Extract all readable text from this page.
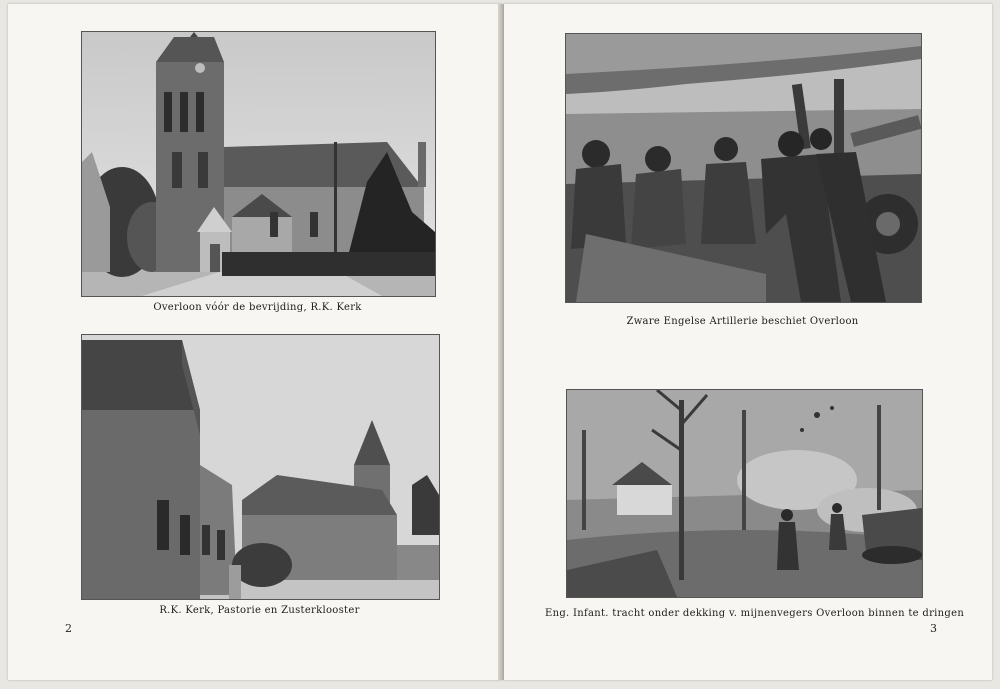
Overloon vóór de bevrijding, R.K. Kerk
R.K. Kerk, Pastorie en Zusterklooster
2
Zware Engelse Artillerie beschiet Overloon
Eng. Infant. tracht onder dekking v. mijnenvegers Overloon binnen te dringen
3
